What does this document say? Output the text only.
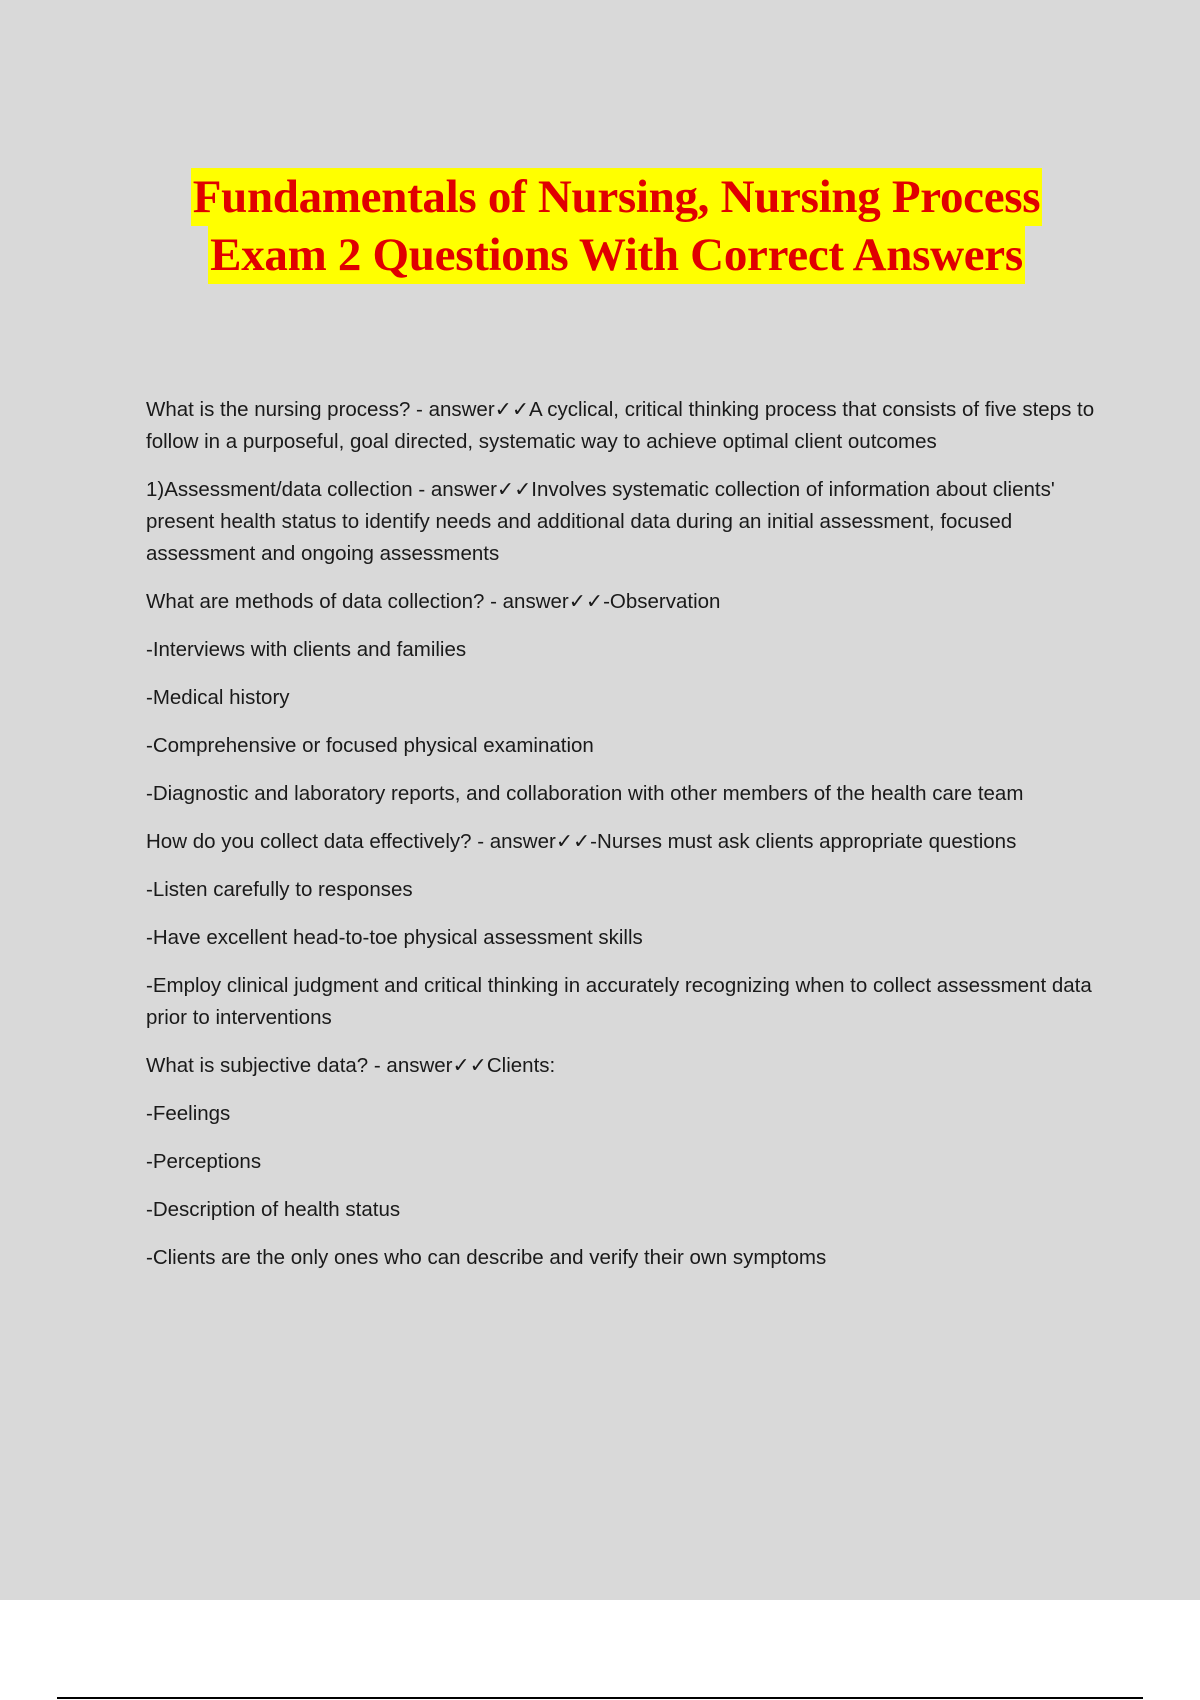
Fundamentals of Nursing, Nursing Process
Exam 2 Questions With Correct Answers

What is the nursing process? - answer✓✓A cyclical, critical thinking process that consists of five steps to follow in a purposeful, goal directed, systematic way to achieve optimal client outcomes

1)Assessment/data collection - answer✓✓Involves systematic collection of information about clients' present health status to identify needs and additional data during an initial assessment, focused assessment and ongoing assessments

What are methods of data collection? - answer✓✓-Observation

-Interviews with clients and families

-Medical history

-Comprehensive or focused physical examination

-Diagnostic and laboratory reports, and collaboration with other members of the health care team

How do you collect data effectively? - answer✓✓-Nurses must ask clients appropriate questions

-Listen carefully to responses

-Have excellent head-to-toe physical assessment skills

-Employ clinical judgment and critical thinking in accurately recognizing when to collect assessment data prior to interventions

What is subjective data? - answer✓✓Clients:

-Feelings

-Perceptions

-Description of health status

-Clients are the only ones who can describe and verify their own symptoms
